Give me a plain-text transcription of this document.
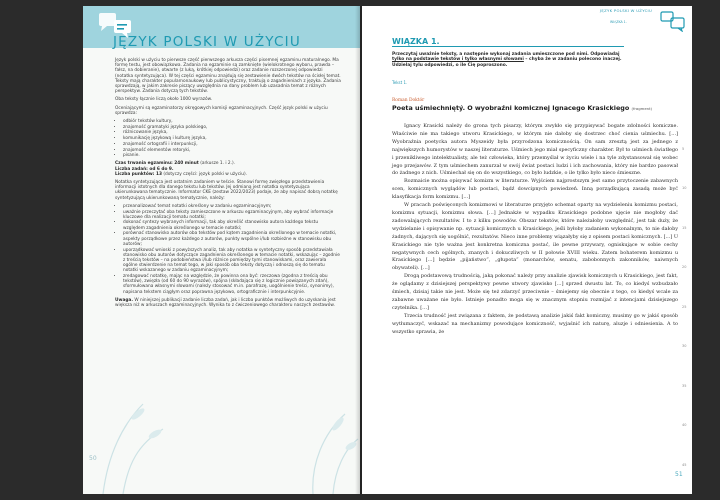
JĘZYK POLSKI W UŻYCIU

Język polski w użyciu to pierwsze część pierwszego arkusza części pisemnej egzaminu maturalnego. Ma formę testu, jest obowiązkowa. Zadania na egzaminie są zamknięte (wielokrotnego wyboru, prawda – fałsz, na dobieranie), otwarte (z luką, krótkiej odpowiedzi) oraz zadanie rozszerzonej odpowiedzi (notatka syntetyzująca). W tej części egzaminu znajdują się zestawienie dwóch tekstów na ścisłej temat. Teksty mają charakter popularnonaukowy lub publicystyczny, traktują o zagadnieniach z języka. Zadania sprawdzają, w jakim zakresie piszący uwzględnia na dany problem lub uzasadnia temat z różnych perspektyw. Zadania dotyczą tych tekstów.

Oba teksty łącznie liczą około 1000 wyrazów.

Oceniającymi są egzaminatorzy okręgowych komisji egzaminacyjnych. Część język polski w użyciu sprawdza:

• odbiór tekstów kultury,
• znajomość gramatyki języka polskiego,
• różnicowanie języka,
• komunikację językową i kulturę języka,
• znajomość ortografii i interpunkcji,
• znajomość elementów retoryki,
• pisanie.

Czas trwania egzaminu: 240 minut (arkusze 1. i 2.).

Liczba zadań: od 6 do 9.

Liczba punktów: 13 (dotyczy części: język polski w użyciu).

Notatka syntetyzująca jest ostatnim zadaniem w teście. Stanowi formę zwięzłego przedstawienia informacji istotnych dla danego tekstu lub tekstów. Jej odmianą jest notatka syntetyzująca ukierunkowana tematycznie. Informator CKE (zestaw 2022/2023) podaje, że aby napisać dobrą notatkę syntetyzującą ukierunkowaną tematycznie, należy:

• przeanalizować temat notatki określony w zadaniu egzaminacyjnym;
• uważnie przeczytać oba teksty zamieszczone w arkuszu egzaminacyjnym, aby wybrać informacje kluczowe dla realizacji tematu notatki;
• dokonać syntezy wybranych informacji, tak aby określić stanowisko autora każdego tekstu względem zagadnienia określonego w temacie notatki;
• porównać stanowisko autorów oba tekstów pod kątem zagadnienia określonego w temacie notatki, aspekty porządkowe przez każdego z autorów, punkty wspólne i/lub rozbieżne w stanowisku obu autorów;
• uporządkować wnioski z powyższych analiz, tak aby notatka w syntetyczny sposób przedstawiała stanowisko obu autorów dotyczące zagadnienia określonego w temacie notatki, wskazując – zgodnie z treścią tekstów – na podobieństwa i/lub różnice pomiędzy tymi stanowiskami, oraz zawierała ogólne stwierdzenie na temat tego, w jaki sposób oba teksty dotyczą i odnoszą się do tematu notatki wskazanego w zadaniu egzaminacyjnym;
• zredagować notatkę, mając na względzie, że powinna ona być: rzeczowa (zgodna z treścią obu tekstów), zwięzła (od 60 do 90 wyrazów), spójna (składająca się z logicznie powiązanych zdań), sformułowana własnymi słowami (należy stosować m.in. parafrazę, uogólnienie treści, synonimy), napisana tekstem ciągłym oraz poprawna językowo, ortograficznie i interpunkcyjnie.

Uwaga. W niniejszej publikacji zadanie liczba zadań, jak i liczba punktów możliwych do uzyskania jest większa niż w arkuszach egzaminacyjnych. Wynika to z ćwiczeniowego charakteru naszych zestawów.

50
JĘZYK POLSKI W UŻYCIU
WIĄZKA 1.
WIĄZKA 1.
Przeczytaj uważnie teksty, a następnie wykonaj zadania umieszczone pod nimi. Odpowiadaj tylko na podstawie tekstów i tylko własnymi słowami – chyba że w zadaniu polecono inaczej. Udzielaj tylu odpowiedzi, o ile Cię poproszono.
Tekst 1.
Roman Doktór
Poeta uśmiechniętý. O wyobraźni komicznej Ignacego Krasickiego (fragment)

Ignacy Krasicki należy do grona tych pisarzy, którym zwykło się przypisywać bogate zdolności komiczne. Właściwie nie ma takiego utworu Krasickiego, w którym nie dałoby się dostrzec choć cienia uśmiechu. […] Wyobraźnia poetycka autora Myszeidy była przyrodzona komicznością. On sam zresztą jest za jednego z największych humorystów w naszej literaturze. Uśmiech jego miał specyficzny charakter. Był to uśmiech światłego i przenikliwego intelektualisty, ale też człowieka, który przemyślał w życiu wiele i na tyle zdystansował się wobec jego przejawów. Z tym uśmiechem zanurzał w swój świat postaci ludzi i ich zachowania, który nie bardzo pasował do żadnego z nich. Uśmiechał się on do wszystkiego, co było ludzkie, o ile tylko było nieco śmieszne.

Rozmaicie można opisywać komizm w literaturze. Wyjściem najprostszym jest samo przytoczenie zabawnych scen, komicznych wyglądów lub postaci, bądź dowcipnych powiedzeń. Inną porządkującą zasadą może być klasyfikacja form komizmu. […]

W pracach poświęconych komizmowi w literaturze przyjęto schemat oparty na wydzieleniu komizmu postaci, komizmu sytuacji, komizmu słowa. […] Jednakże w wypadku Krasickiego podobne ujęcie nie mogłoby dać zadowalających rezultatów. I to z kilku powodów. Obszar tekstów, które należałoby uwzględnić, jest tak duży, że wydzielanie i opisywanie np. sytuacji komicznych u Krasickiego, jeśli byłoby zadaniem wykonalnym, to nie dałoby żadnych, dających się uogólnić, rezultatów. Nieco inne problemy wiązałyby się z opisem postaci komicznych. […] U Krasickiego nie tyle ważna jest konkretna komiczna postać, ile pewne przywary, ogniskujące w sobie cechy negatywnych cech ogólnych, znanych i dokuczliwych w II połowie XVIII wieku. Zatem bohaterem komizmu u Krasickiego […] będzie „pijaństwo”, „głupota” (monarchów, senatu, zabobonnych zakonników, naiwnych obywateli). […]

Drogą podstawową trudnością, jaką pokonać należy przy analizie zjawisk komicznych u Krasickiego, jest fakt, że oglądamy z dzisiejszej perspektywy pewne utwory zjawisko […] sprzed dwustu lat. To, co kiedyś wzbudzało śmiech, dzisiaj takie nie jest. Może się też zdarzyć przeciwnie – śmiejemy się obecnie z tego, co kiedyś wcale za zabawne uważane nie było. Istnieje ponadto moga się w znacznym stopniu rozmijać z intencjami dzisiejszego czytelnika. […]

Trzecia trudność jest związana z faktem, że podstawą analizie jakiś fakt komiczny, musimy go w jakiś sposób wytłumaczyć, wskazać na mechanizmy powodujące komiczność, wyjaśnić ich naturę, aluzje i odniesienia. A to wszystko sprawia, że

5
10
15
20
25
30
35
40
45
51
